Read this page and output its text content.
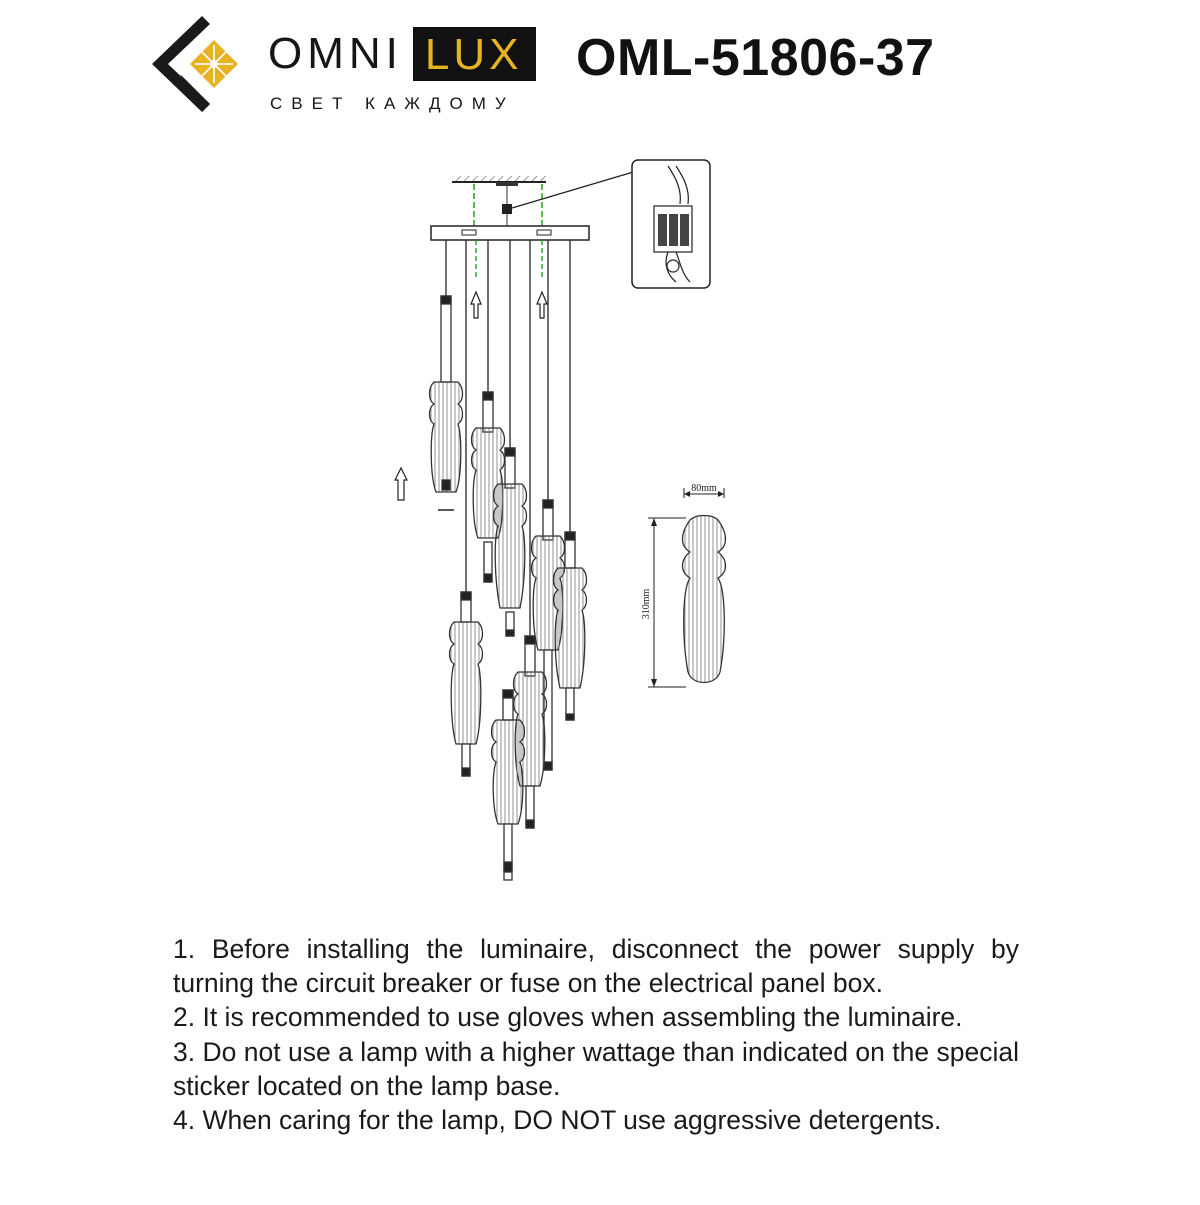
OMNI LUX
СВЕТ КАЖДОМУ
OML-51806-37
80mm
310mm

1. Before installing the luminaire, disconnect the power supply by turning the circuit breaker or fuse on the electrical panel box.

2. It is recommended to use gloves when assembling the luminaire.

3. Do not use a lamp with a higher wattage than indicated on the special sticker located on the lamp base.

4. When caring for the lamp, DO NOT use aggressive detergents.
